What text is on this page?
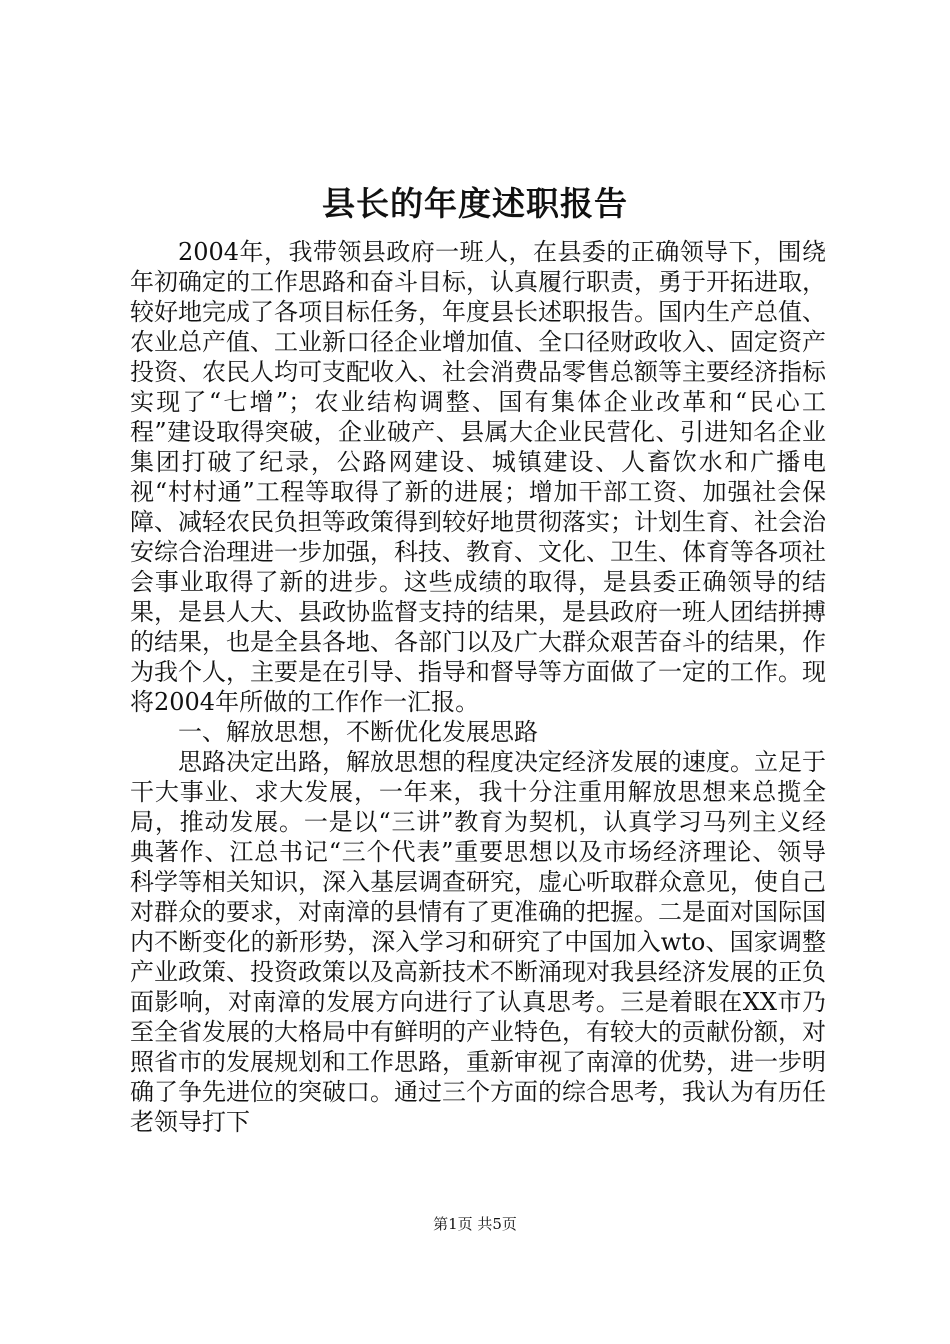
县长的年度述职报告

2004年，我带领县政府一班人，在县委的正确领导下，围绕年初确定的工作思路和奋斗目标，认真履行职责，勇于开拓进取，较好地完成了各项目标任务，年度县长述职报告。国内生产总值、农业总产值、工业新口径企业增加值、全口径财政收入、固定资产投资、农民人均可支配收入、社会消费品零售总额等主要经济指标实现了“七增”；农业结构调整、国有集体企业改革和“民心工程”建设取得突破，企业破产、县属大企业民营化、引进知名企业集团打破了纪录，公路网建设、城镇建设、人畜饮水和广播电视“村村通”工程等取得了新的进展；增加干部工资、加强社会保障、减轻农民负担等政策得到较好地贯彻落实；计划生育、社会治安综合治理进一步加强，科技、教育、文化、卫生、体育等各项社会事业取得了新的进步。这些成绩的取得，是县委正确领导的结果，是县人大、县政协监督支持的结果，是县政府一班人团结拼搏的结果，也是全县各地、各部门以及广大群众艰苦奋斗的结果，作为我个人，主要是在引导、指导和督导等方面做了一定的工作。现将2004年所做的工作作一汇报。

一、解放思想，不断优化发展思路

思路决定出路，解放思想的程度决定经济发展的速度。立足于干大事业、求大发展，一年来，我十分注重用解放思想来总揽全局，推动发展。一是以“三讲”教育为契机，认真学习马列主义经典著作、江总书记“三个代表”重要思想以及市场经济理论、领导科学等相关知识，深入基层调查研究，虚心听取群众意见，使自己对群众的要求，对南漳的县情有了更准确的把握。二是面对国际国内不断变化的新形势，深入学习和研究了中国加入wto、国家调整产业政策、投资政策以及高新技术不断涌现对我县经济发展的正负面影响，对南漳的发展方向进行了认真思考。三是着眼在XX市乃至全省发展的大格局中有鲜明的产业特色，有较大的贡献份额，对照省市的发展规划和工作思路，重新审视了南漳的优势，进一步明确了争先进位的突破口。通过三个方面的综合思考，我认为有历任老领导打下

第1页 共5页
